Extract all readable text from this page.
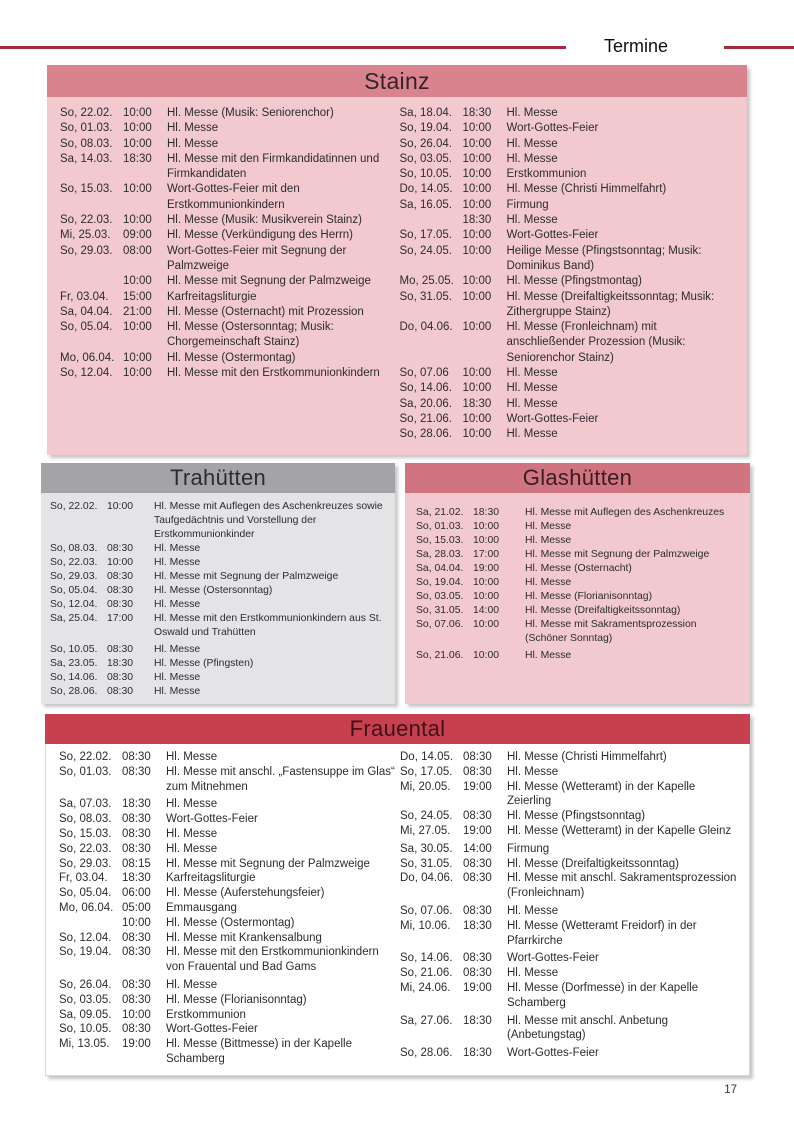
Termine
Stainz
So, 22.02. 10:00	Hl. Messe (Musik: Seniorenchor)
So, 01.03. 10:00	Hl. Messe
So, 08.03. 10:00	Hl. Messe
Sa, 14.03. 18:30	Hl. Messe mit den Firmkandidatinnen und Firmkandidaten
So, 15.03. 10:00	Wort-Gottes-Feier mit den Erstkommunionkindern
So, 22.03. 10:00	Hl. Messe (Musik: Musikverein Stainz)
Mi, 25.03.	09:00	Hl. Messe (Verkündigung des Herrn)
So, 29.03. 08:00	Wort-Gottes-Feier mit Segnung der Palmzweige
10:00	Hl. Messe mit Segnung der Palmzweige
Fr, 03.04.	15:00	Karfreitagsliturgie
Sa, 04.04. 21:00	Hl. Messe (Osternacht) mit Prozession
So, 05.04. 10:00	Hl. Messe (Ostersonntag; Musik: Chorgemeinschaft Stainz)
Mo, 06.04. 10:00	Hl. Messe (Ostermontag)
So, 12.04. 10:00	Hl. Messe mit den Erstkommunionkindern
Sa, 18.04. 18:30	Hl. Messe
So, 19.04. 10:00	Wort-Gottes-Feier
So, 26.04. 10:00	Hl. Messe
So, 03.05. 10:00	Hl. Messe
So, 10.05. 10:00	Erstkommunion
Do, 14.05. 10:00	Hl. Messe (Christi Himmelfahrt)
Sa, 16.05. 10:00	Firmung
18:30	Hl. Messe
So, 17.05. 10:00	Wort-Gottes-Feier
So, 24.05. 10:00	Heilige Messe (Pfingstsonntag; Musik: Dominikus Band)
Mo, 25.05. 10:00	Hl. Messe (Pfingstmontag)
So, 31.05. 10:00	Hl. Messe (Dreifaltigkeitssonntag; Musik: Zithergruppe Stainz)
Do, 04.06. 10:00	Hl. Messe (Fronleichnam) mit anschließender Prozession (Musik: Seniorenchor Stainz)
So, 07.06	10:00	Hl. Messe
So, 14.06. 10:00	Hl. Messe
Sa, 20.06. 18:30	Hl. Messe
So, 21.06. 10:00	Wort-Gottes-Feier
So, 28.06. 10:00	Hl. Messe
Trahütten
So, 22.02. 10:00	Hl. Messe mit Auflegen des Aschenkreuzes sowie Taufgedächtnis und Vorstellung der Erstkommunionkinder
So, 08.03. 08:30	Hl. Messe
So, 22.03. 10:00	Hl. Messe
So, 29.03. 08:30	Hl. Messe mit Segnung der Palmzweige
So, 05.04. 08:30	Hl. Messe (Ostersonntag)
So, 12.04. 08:30	Hl. Messe
Sa, 25.04. 17:00	Hl. Messe mit den Erstkommunionkindern aus St. Oswald und Trahütten
So, 10.05. 08:30	Hl. Messe
Sa, 23.05. 18:30	Hl. Messe (Pfingsten)
So, 14.06. 08:30	Hl. Messe
So, 28.06. 08:30	Hl. Messe
Glashütten
Sa, 21.02. 18:30	Hl. Messe mit Auflegen des Aschenkreuzes
So, 01.03. 10:00	Hl. Messe
So, 15.03. 10:00	Hl. Messe
Sa, 28.03. 17:00	Hl. Messe mit Segnung der Palmzweige
Sa, 04.04. 19:00	Hl. Messe (Osternacht)
So, 19.04. 10:00	Hl. Messe
So, 03.05. 10:00	Hl. Messe (Florianisonntag)
So, 31.05. 14:00	Hl. Messe (Dreifaltigkeitssonntag)
So, 07.06. 10:00	Hl. Messe mit Sakramentsprozession (Schöner Sonntag)
So, 21.06. 10:00	Hl. Messe
Frauental
So, 22.02. 08:30	Hl. Messe
So, 01.03. 08:30	Hl. Messe mit anschl. „Fastensuppe im Glas“ zum Mitnehmen
Sa, 07.03. 18:30	Hl. Messe
So, 08.03. 08:30	Wort-Gottes-Feier
So, 15.03. 08:30	Hl. Messe
So, 22.03. 08:30	Hl. Messe
So, 29.03. 08:15	Hl. Messe mit Segnung der Palmzweige
Fr, 03.04.	18:30	Karfreitagsliturgie
So, 05.04. 06:00	Hl. Messe (Auferstehungsfeier)
Mo, 06.04. 05:00	Emmausgang
10:00	Hl. Messe (Ostermontag)
So, 12.04. 08:30	Hl. Messe mit Krankensalbung
So, 19.04. 08:30	Hl. Messe mit den Erstkommunionkindern von Frauental und Bad Gams
So, 26.04. 08:30	Hl. Messe
So, 03.05. 08:30	Hl. Messe (Florianisonntag)
Sa, 09.05. 10:00	Erstkommunion
So, 10.05. 08:30	Wort-Gottes-Feier
Mi, 13.05.	19:00	Hl. Messe (Bittmesse) in der Kapelle Schamberg
Do, 14.05. 08:30	Hl. Messe (Christi Himmelfahrt)
So, 17.05. 08:30	Hl. Messe
Mi, 20.05.	19:00	Hl. Messe (Wetteramt) in der Kapelle Zeierling
So, 24.05. 08:30	Hl. Messe (Pfingstsonntag)
Mi, 27.05.	19:00	Hl. Messe (Wetteramt) in der Kapelle Gleinz
Sa, 30.05. 14:00	Firmung
So, 31.05. 08:30	Hl. Messe (Dreifaltigkeitssonntag)
Do, 04.06. 08:30	Hl. Messe mit anschl. Sakramentsprozession (Fronleichnam)
So, 07.06. 08:30	Hl. Messe
Mi, 10.06.	18:30	Hl. Messe (Wetteramt Freidorf) in der Pfarrkirche
So, 14.06. 08:30	Wort-Gottes-Feier
So, 21.06. 08:30	Hl. Messe
Mi, 24.06.	19:00	Hl. Messe (Dorfmesse) in der Kapelle Schamberg
Sa, 27.06. 18:30	Hl. Messe mit anschl. Anbetung (Anbetungstag)
So, 28.06. 18:30	Wort-Gottes-Feier
17
